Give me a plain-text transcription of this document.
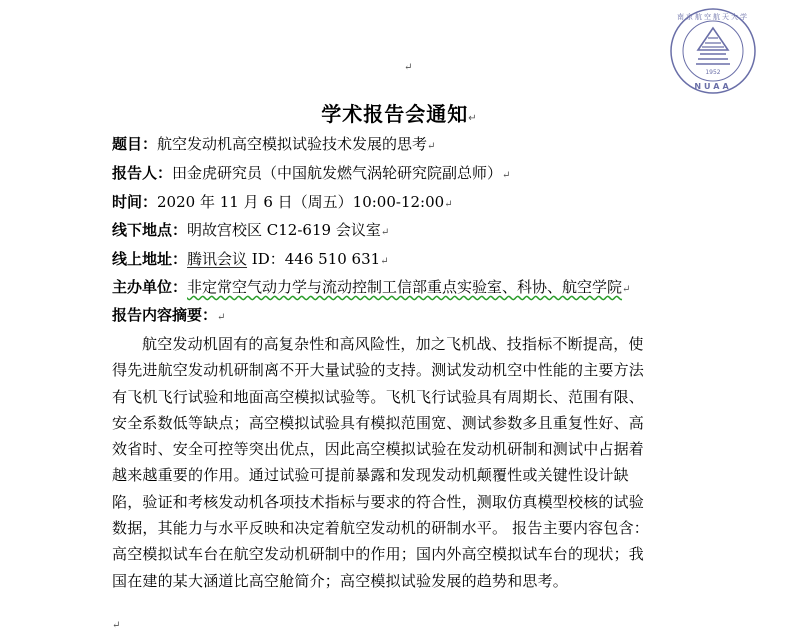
1952
NUAA
南京航空航天大学
↵
学术报告会通知↵
题目：航空发动机高空模拟试验技术发展的思考↵
报告人：田金虎研究员（中国航发燃气涡轮研究院副总师）↵
时间：2020 年 11 月 6 日（周五）10:00-12:00↵
线下地点：明故宫校区 C12-619 会议室↵
线上地址：腾讯会议 ID：446 510 631↵
主办单位：非定常空气动力学与流动控制工信部重点实验室、科协、航空学院↵
报告内容摘要：↵
航空发动机固有的高复杂性和高风险性，加之飞机战、技指标不断提高，使
得先进航空发动机研制离不开大量试验的支持。测试发动机空中性能的主要方法
有飞机飞行试验和地面高空模拟试验等。飞机飞行试验具有周期长、范围有限、
安全系数低等缺点；高空模拟试验具有模拟范围宽、测试参数多且重复性好、高
效省时、安全可控等突出优点，因此高空模拟试验在发动机研制和测试中占据着
越来越重要的作用。通过试验可提前暴露和发现发动机颠覆性或关键性设计缺
陷，验证和考核发动机各项技术指标与要求的符合性，测取仿真模型校核的试验
数据，其能力与水平反映和决定着航空发动机的研制水平。 报告主要内容包含：
高空模拟试车台在航空发动机研制中的作用；国内外高空模拟试车台的现状；我
国在建的某大涵道比高空舱简介；高空模拟试验发展的趋势和思考。
↵
